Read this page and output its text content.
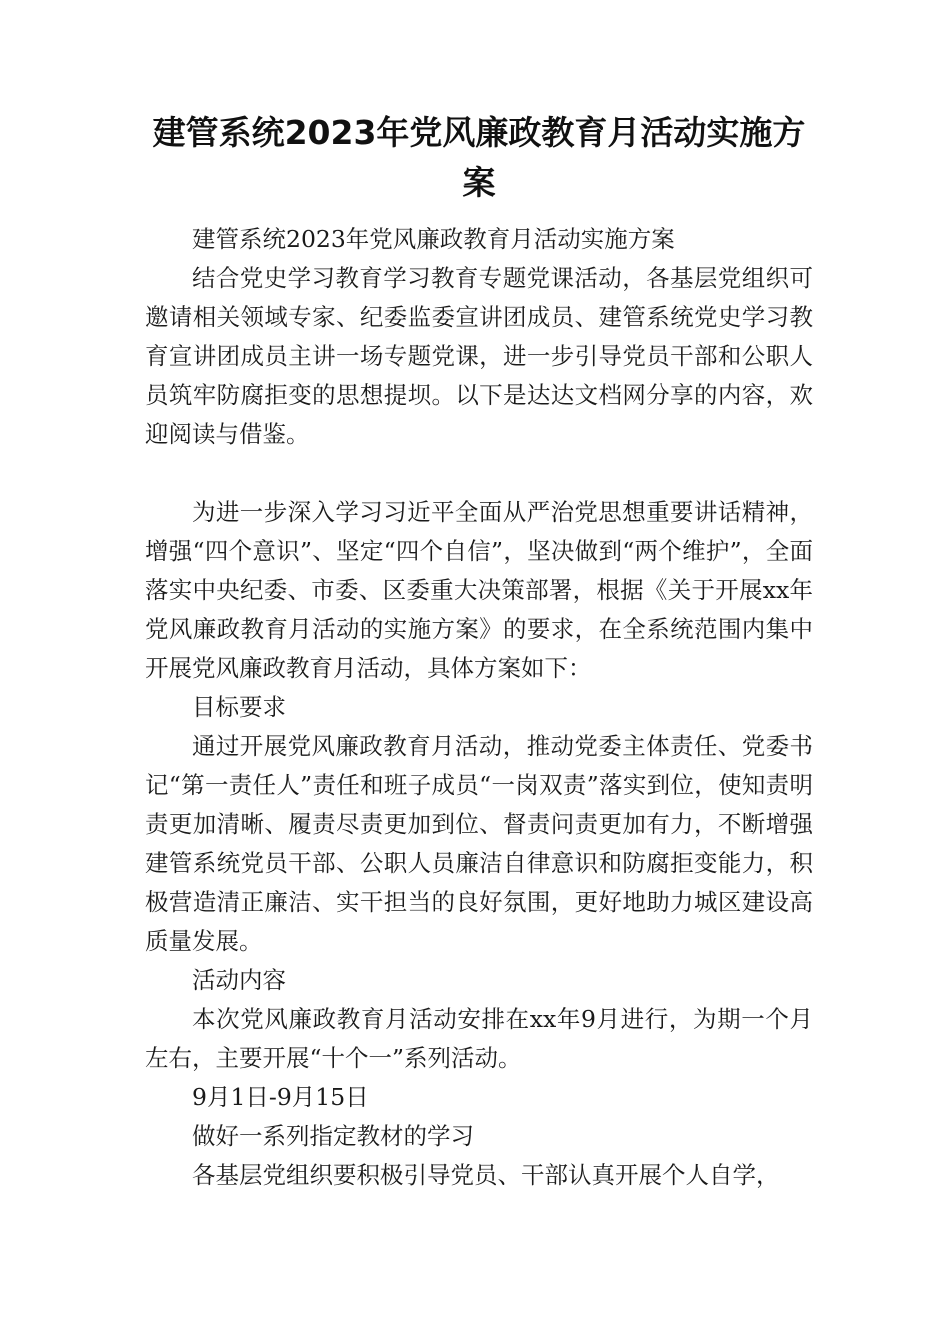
建管系统2023年党风廉政教育月活动实施方案

建管系统2023年党风廉政教育月活动实施方案

结合党史学习教育学习教育专题党课活动，各基层党组织可邀请相关领域专家、纪委监委宣讲团成员、建管系统党史学习教育宣讲团成员主讲一场专题党课，进一步引导党员干部和公职人员筑牢防腐拒变的思想提坝。以下是达达文档网分享的内容，欢迎阅读与借鉴。

为进一步深入学习习近平全面从严治党思想重要讲话精神，增强“四个意识”、坚定“四个自信”，坚决做到“两个维护”，全面落实中央纪委、市委、区委重大决策部署，根据《关于开展xx年党风廉政教育月活动的实施方案》的要求，在全系统范围内集中开展党风廉政教育月活动，具体方案如下：

目标要求

通过开展党风廉政教育月活动，推动党委主体责任、党委书记“第一责任人”责任和班子成员“一岗双责”落实到位，使知责明责更加清晰、履责尽责更加到位、督责问责更加有力，不断增强建管系统党员干部、公职人员廉洁自律意识和防腐拒变能力，积极营造清正廉洁、实干担当的良好氛围，更好地助力城区建设高质量发展。

活动内容

本次党风廉政教育月活动安排在xx年9月进行，为期一个月左右，主要开展“十个一”系列活动。

9月1日-9月15日

做好一系列指定教材的学习

各基层党组织要积极引导党员、干部认真开展个人自学，
